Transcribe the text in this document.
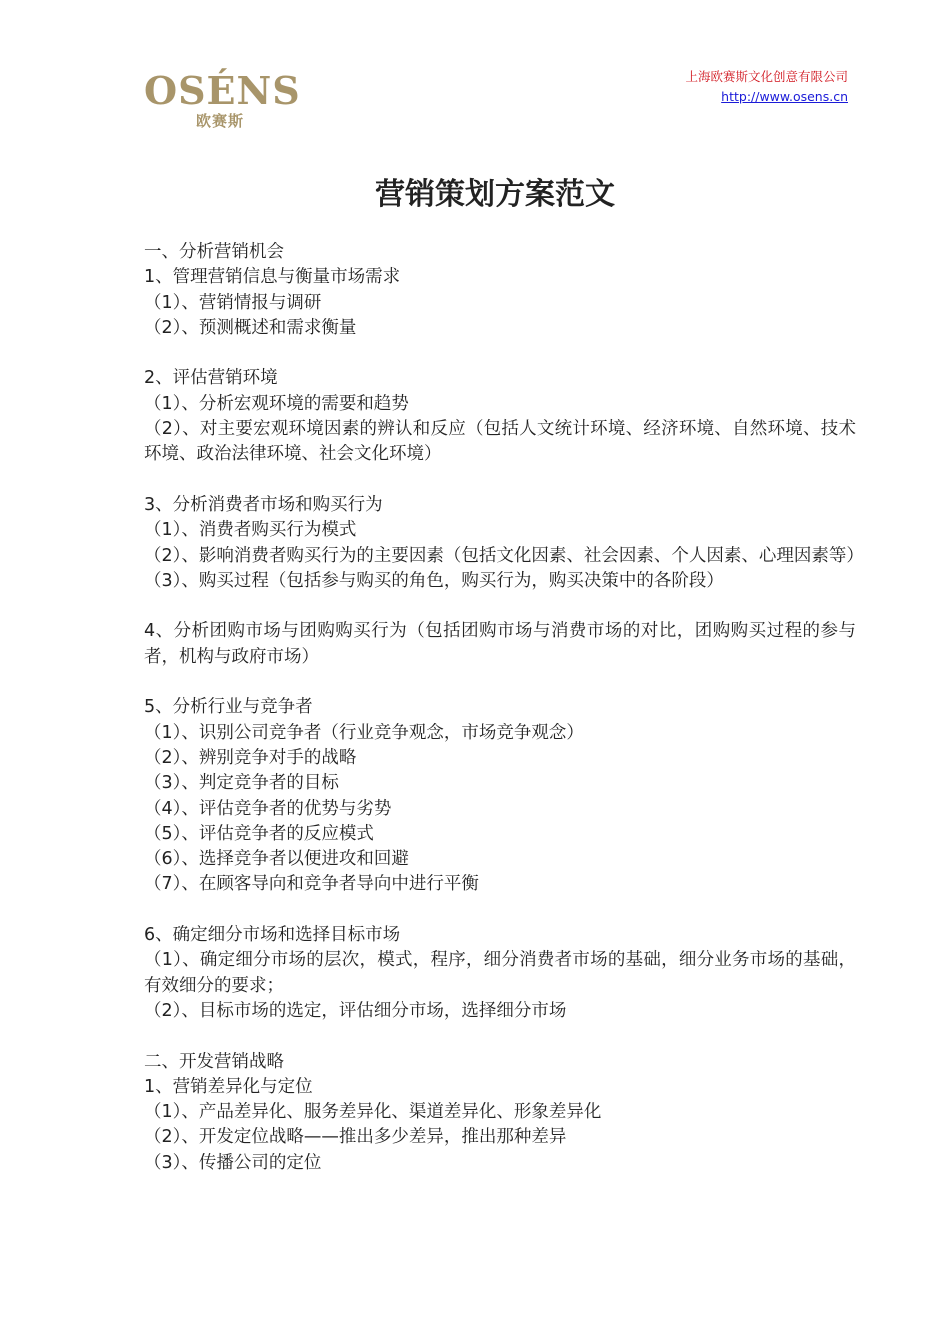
OSÉNS
欧赛斯
上海欧赛斯文化创意有限公司
http://www.osens.cn
营销策划方案范文
一、分析营销机会
1、管理营销信息与衡量市场需求
（1）、营销情报与调研
（2）、预测概述和需求衡量
2、评估营销环境
（1）、分析宏观环境的需要和趋势
（2）、对主要宏观环境因素的辨认和反应（包括人文统计环境、经济环境、自然环境、技术环境、政治法律环境、社会文化环境）
3、分析消费者市场和购买行为
（1）、消费者购买行为模式
（2）、影响消费者购买行为的主要因素（包括文化因素、社会因素、个人因素、心理因素等）
（3）、购买过程（包括参与购买的角色，购买行为，购买决策中的各阶段）
4、分析团购市场与团购购买行为（包括团购市场与消费市场的对比，团购购买过程的参与者，机构与政府市场）
5、分析行业与竞争者
（1）、识别公司竞争者（行业竞争观念，市场竞争观念）
（2）、辨别竞争对手的战略
（3）、判定竞争者的目标
（4）、评估竞争者的优势与劣势
（5）、评估竞争者的反应模式
（6）、选择竞争者以便进攻和回避
（7）、在顾客导向和竞争者导向中进行平衡
6、确定细分市场和选择目标市场
（1）、确定细分市场的层次，模式，程序，细分消费者市场的基础，细分业务市场的基础，有效细分的要求；
（2）、目标市场的选定，评估细分市场，选择细分市场
二、开发营销战略
1、营销差异化与定位
（1）、产品差异化、服务差异化、渠道差异化、形象差异化
（2）、开发定位战略——推出多少差异，推出那种差异
（3）、传播公司的定位
